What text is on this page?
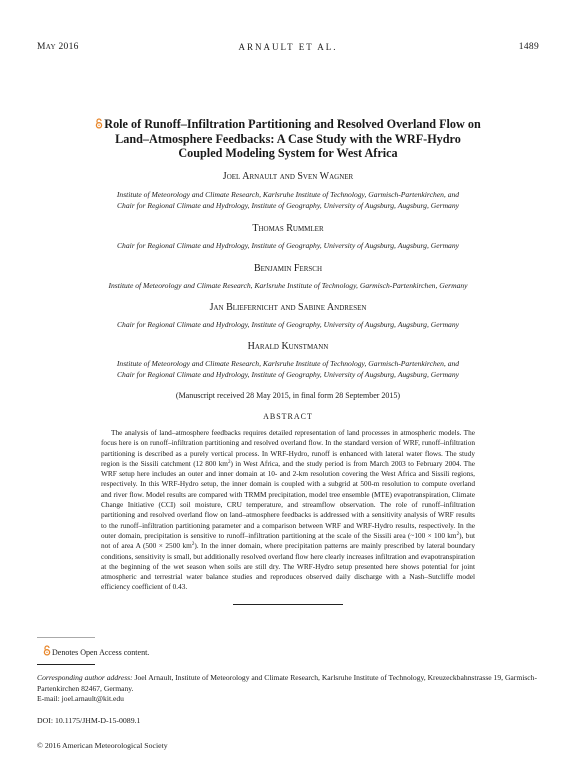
May 2016	ARNAULT ET AL.	1489
Role of Runoff–Infiltration Partitioning and Resolved Overland Flow on
Land–Atmosphere Feedbacks: A Case Study with the WRF-Hydro
Coupled Modeling System for West Africa
Joel Arnault and Sven Wagner
Institute of Meteorology and Climate Research, Karlsruhe Institute of Technology, Garmisch-Partenkirchen, and
Chair for Regional Climate and Hydrology, Institute of Geography, University of Augsburg, Augsburg, Germany
Thomas Rummler
Chair for Regional Climate and Hydrology, Institute of Geography, University of Augsburg, Augsburg, Germany
Benjamin Fersch
Institute of Meteorology and Climate Research, Karlsruhe Institute of Technology, Garmisch-Partenkirchen, Germany
Jan Bliefernicht and Sabine Andresen
Chair for Regional Climate and Hydrology, Institute of Geography, University of Augsburg, Augsburg, Germany
Harald Kunstmann
Institute of Meteorology and Climate Research, Karlsruhe Institute of Technology, Garmisch-Partenkirchen, and
Chair for Regional Climate and Hydrology, Institute of Geography, University of Augsburg, Augsburg, Germany
(Manuscript received 28 May 2015, in final form 28 September 2015)
ABSTRACT

The analysis of land–atmosphere feedbacks requires detailed representation of land processes in atmospheric models. The focus here is on runoff–infiltration partitioning and resolved overland flow. In the standard version of WRF, runoff–infiltration partitioning is described as a purely vertical process. In WRF-Hydro, runoff is enhanced with lateral water flows. The study region is the Sissili catchment (12 800 $km^2$) in West Africa, and the study period is from March 2003 to February 2004. The WRF setup here includes an outer and inner domain at 10- and 2-km resolution covering the West Africa and Sissili regions, respectively. In this WRF-Hydro setup, the inner domain is coupled with a subgrid at 500-m resolution to compute overland and river flow. Model results are compared with TRMM precipitation, model tree ensemble (MTE) evapotranspiration, Climate Change Initiative (CCI) soil moisture, CRU temperature, and streamflow observation. The role of runoff–infiltration partitioning and resolved overland flow on land–atmosphere feedbacks is addressed with a sensitivity analysis of WRF results to the runoff–infiltration partitioning parameter and a comparison between WRF and WRF-Hydro results, respectively. In the outer domain, precipitation is sensitive to runoff–infiltration partitioning at the scale of the Sissili area (~100 × 100 $km^2$), but not of area A (500 × 2500 $km^2$). In the inner domain, where precipitation patterns are mainly prescribed by lateral boundary conditions, sensitivity is small, but additionally resolved overland flow here clearly increases infiltration and evapotranspiration at the beginning of the wet season when soils are still dry. The WRF-Hydro setup presented here shows potential for joint atmospheric and terrestrial water balance studies and reproduces observed daily discharge with a Nash–Sutcliffe model efficiency coefficient of 0.43.

Denotes Open Access content.
Corresponding author address: Joel Arnault, Institute of Meteorology and Climate Research, Karlsruhe Institute of Technology, Kreuzeckbahnstrasse 19, Garmisch-Partenkirchen 82467, Germany.
E-mail: joel.arnault@kit.edu
DOI: 10.1175/JHM-D-15-0089.1
© 2016 American Meteorological Society
